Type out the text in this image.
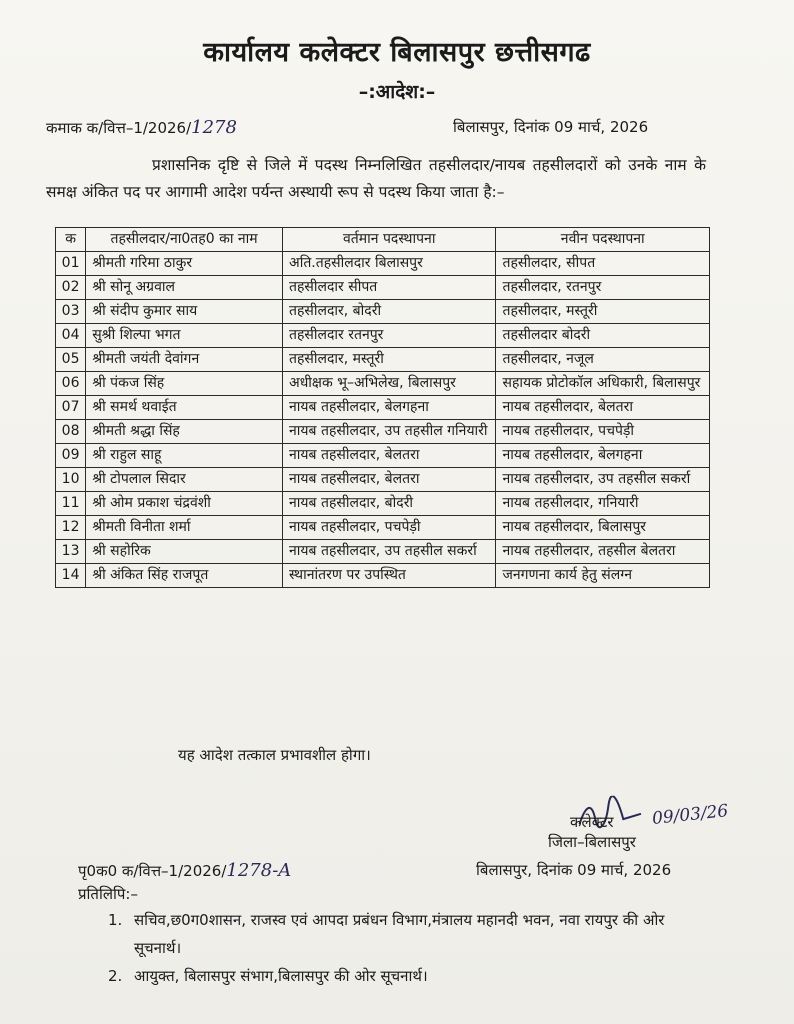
कार्यालय कलेक्टर बिलासपुर छत्तीसगढ
–:आदेश:–
कमाक क/वित्त–1/2026/1278	बिलासपुर, दिनांक 09 मार्च, 2026
प्रशासनिक दृष्टि से जिले में पदस्थ निम्नलिखित तहसीलदार/नायब तहसीलदारों को उनके नाम के समक्ष अंकित पद पर आगामी आदेश पर्यन्त अस्थायी रूप से पदस्थ किया जाता है:–
क	तहसीलदार/ना0तह0 का नाम	वर्तमान पदस्थापना	नवीन पदस्थापना
01	श्रीमती गरिमा ठाकुर	अति.तहसीलदार बिलासपुर	तहसीलदार, सीपत
02	श्री सोनू अग्रवाल	तहसीलदार सीपत	तहसीलदार, रतनपुर
03	श्री संदीप कुमार साय	तहसीलदार, बोदरी	तहसीलदार, मस्तूरी
04	सुश्री शिल्पा भगत	तहसीलदार रतनपुर	तहसीलदार बोदरी
05	श्रीमती जयंती देवांगन	तहसीलदार, मस्तूरी	तहसीलदार, नजूल
06	श्री पंकज सिंह	अधीक्षक भू–अभिलेख, बिलासपुर	सहायक प्रोटोकॉल अधिकारी, बिलासपुर
07	श्री समर्थ थवाईत	नायब तहसीलदार, बेलगहना	नायब तहसीलदार, बेलतरा
08	श्रीमती श्रद्धा सिंह	नायब तहसीलदार, उप तहसील गनियारी	नायब तहसीलदार, पचपेड़ी
09	श्री राहुल साहू	नायब तहसीलदार, बेलतरा	नायब तहसीलदार, बेलगहना
10	श्री टोपलाल सिदार	नायब तहसीलदार, बेलतरा	नायब तहसीलदार, उप तहसील सकर्रा
11	श्री ओम प्रकाश चंद्रवंशी	नायब तहसीलदार, बोदरी	नायब तहसीलदार, गनियारी
12	श्रीमती विनीता शर्मा	नायब तहसीलदार, पचपेड़ी	नायब तहसीलदार, बिलासपुर
13	श्री सहोरिक	नायब तहसीलदार, उप तहसील सकर्रा	नायब तहसीलदार, तहसील बेलतरा
14	श्री अंकित सिंह राजपूत	स्थानांतरण पर उपस्थित	जनगणना कार्य हेतु संलग्न
यह आदेश तत्काल प्रभावशील होगा।
09/03/26
कलेक्टर
जिला–बिलासपुर
पृ0क0 क/वित्त–1/2026/1278-A	बिलासपुर, दिनांक 09 मार्च, 2026
प्रतिलिपि:–
1. सचिव,छ0ग0शासन, राजस्व एवं आपदा प्रबंधन विभाग,मंत्रालय महानदी भवन, नवा रायपुर की ओर सूचनार्थ।
2. आयुक्त, बिलासपुर संभाग,बिलासपुर की ओर सूचनार्थ।
